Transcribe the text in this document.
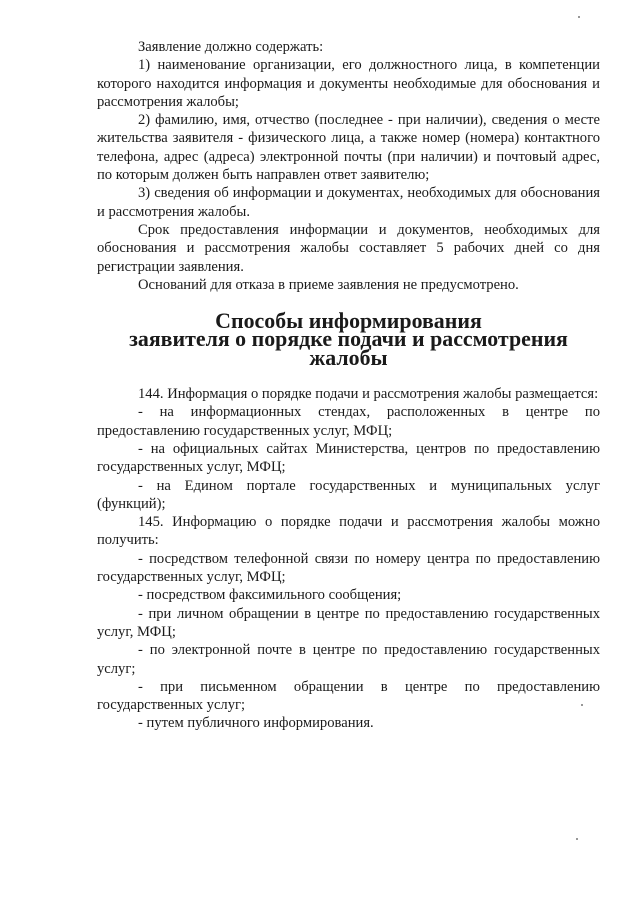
Заявление должно содержать:

1) наименование организации, его должностного лица, в компетенции которого находится информация и документы необходимые для обоснования и рассмотрения жалобы;

2) фамилию, имя, отчество (последнее - при наличии), сведения о месте жительства заявителя - физического лица, а также номер (номера) контактного телефона, адрес (адреса) электронной почты (при наличии) и почтовый адрес, по которым должен быть направлен ответ заявителю;

3) сведения об информации и документах, необходимых для обоснования и рассмотрения жалобы.

Срок предоставления информации и документов, необходимых для обоснования и рассмотрения жалобы составляет 5 рабочих дней со дня регистрации заявления.

Оснований для отказа в приеме заявления не предусмотрено.

Способы информирования
заявителя о порядке подачи и рассмотрения жалобы

144. Информация о порядке подачи и рассмотрения жалобы размещается:

- на информационных стендах, расположенных в центре по предоставлению государственных услуг, МФЦ;

- на официальных сайтах Министерства, центров по предоставлению государственных услуг, МФЦ;

- на Едином портале государственных и муниципальных услуг (функций);

145. Информацию о порядке подачи и рассмотрения жалобы можно получить:

- посредством телефонной связи по номеру центра по предоставлению государственных услуг, МФЦ;

- посредством факсимильного сообщения;

- при личном обращении в центре по предоставлению государственных услуг, МФЦ;

- по электронной почте в центре по предоставлению государственных услуг;

- при письменном обращении в центре по предоставлению государственных услуг;

- путем публичного информирования.
